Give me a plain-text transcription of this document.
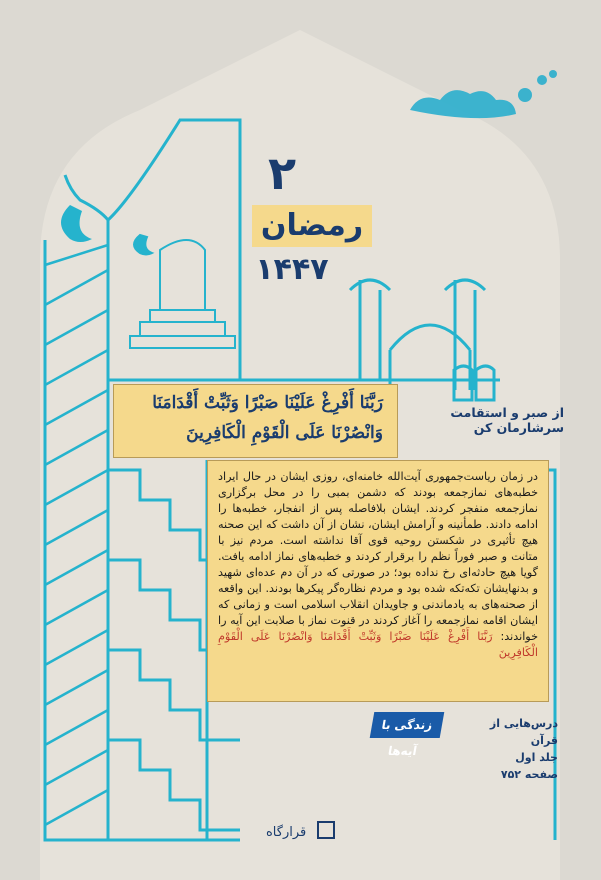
۲
رمضان
۱۴۴۷
رَبَّنَا أَفْرِغْ عَلَيْنَا صَبْرًا وَثَبِّتْ أَقْدَامَنَا
وَانْصُرْنَا عَلَى الْقَوْمِ الْكَافِرِينَ
از صبر و استقامت سرشارمان کن
در زمان ریاست‌جمهوری آیت‌الله خامنه‌ای، روزی ایشان در حال ایراد خطبه‌های نمازجمعه بودند که دشمن بمبی را در محل برگزاری نمازجمعه منفجر کردند. ایشان بلافاصله پس از انفجار، خطبه‌ها را ادامه دادند. طمأنینه و آرامش ایشان، نشان از آن داشت که این صحنه هیچ تأثیری در شکستن روحیه قوی آقا نداشته است. مردم نیز با متانت و صبر فوراً نظم را برقرار کردند و خطبه‌های نماز ادامه یافت. گویا هیچ حادثه‌ای رخ نداده بود؛ در صورتی که در آن دم عده‌ای شهید و بدنهایشان تکه‌تکه شده بود و مردم نظاره‌گر پیکرها بودند. این واقعه از صحنه‌های به یادماندنی و جاویدان انقلاب اسلامی است و زمانی که ایشان اقامه نمازجمعه را آغاز کردند در قنوت نماز با صلابت این آیه را خواندند: رَبَّنَا أَفْرِغْ عَلَيْنَا صَبْرًا وَثَبِّتْ أَقْدَامَنَا وَانْصُرْنَا عَلَى الْقَوْمِ الْكَافِرِينَ
زندگی با آیه‌ها
درس‌هایی از قرآن
جلد اول
صفحه ۷۵۲
قرارگاه
